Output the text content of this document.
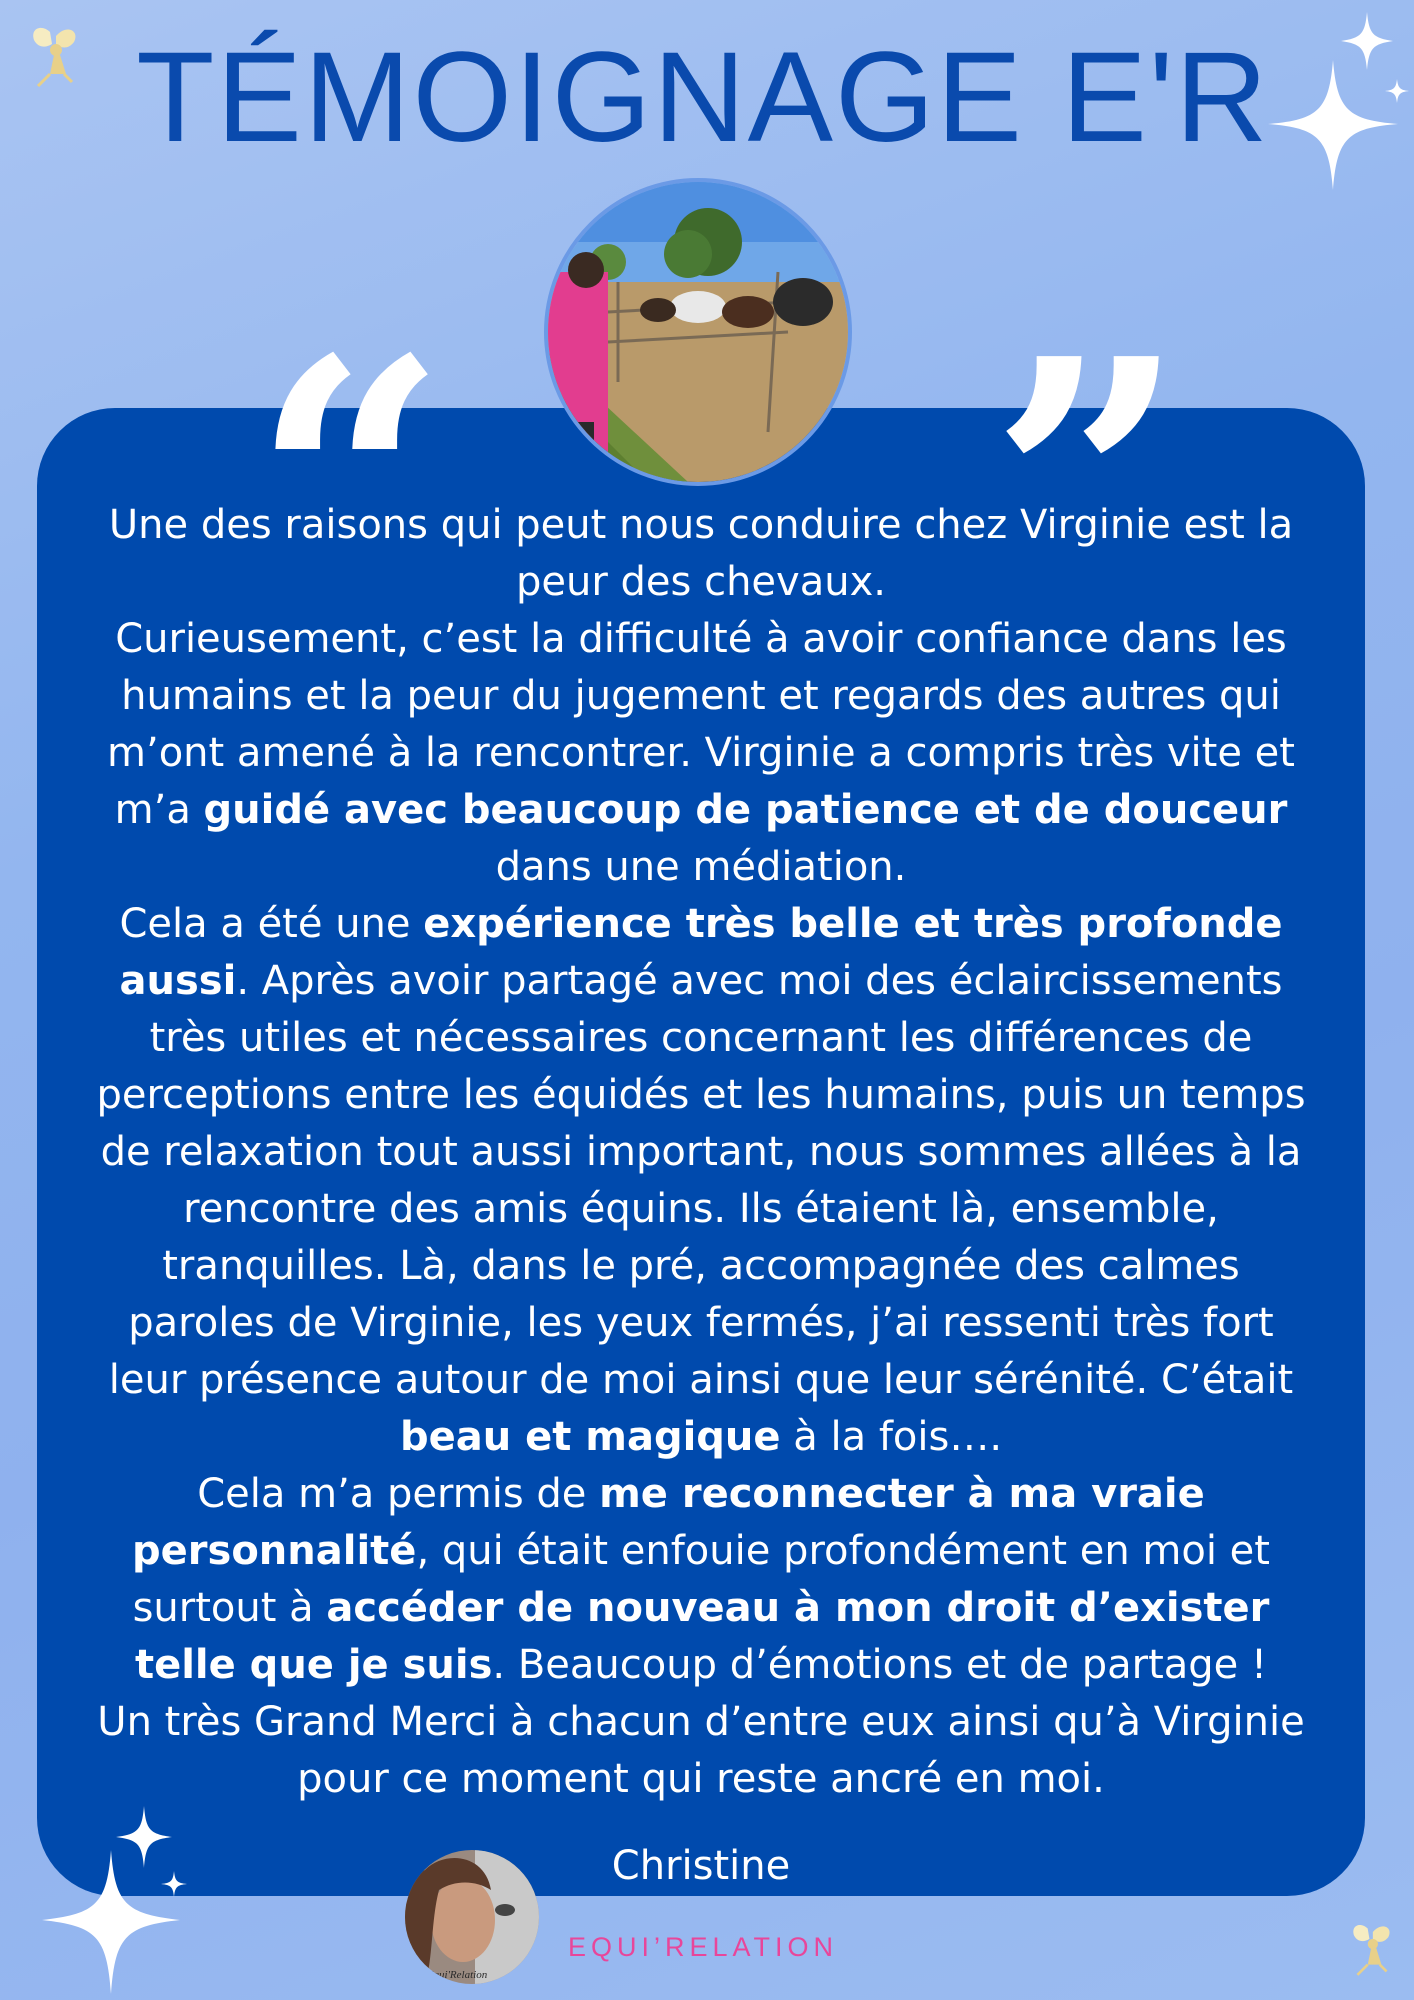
TÉMOIGNAGE E'R

Une des raisons qui peut nous conduire chez Virginie est la peur des chevaux.

Curieusement, c’est la difficulté à avoir confiance dans les humains et la peur du jugement et regards des autres qui m’ont amené à la rencontrer. Virginie a compris très vite et m’a guidé avec beaucoup de patience et de douceur dans une médiation.

Cela a été une expérience très belle et très profonde aussi. Après avoir partagé avec moi des éclaircissements très utiles et nécessaires concernant les différences de perceptions entre les équidés et les humains, puis un temps de relaxation tout aussi important, nous sommes allées à la rencontre des amis équins. Ils étaient là, ensemble, tranquilles. Là, dans le pré, accompagnée des calmes paroles de Virginie, les yeux fermés, j’ai ressenti très fort leur présence autour de moi ainsi que leur sérénité. C’était beau et magique à la fois….

Cela m’a permis de me reconnecter à ma vraie personnalité, qui était enfouie profondément en moi et surtout à accéder de nouveau à mon droit d’exister telle que je suis. Beaucoup d’émotions et de partage !

Un très Grand Merci à chacun d’entre eux ainsi qu’à Virginie pour ce moment qui reste ancré en moi.

Christine
Equi'Relation
EQUI’RELATION
